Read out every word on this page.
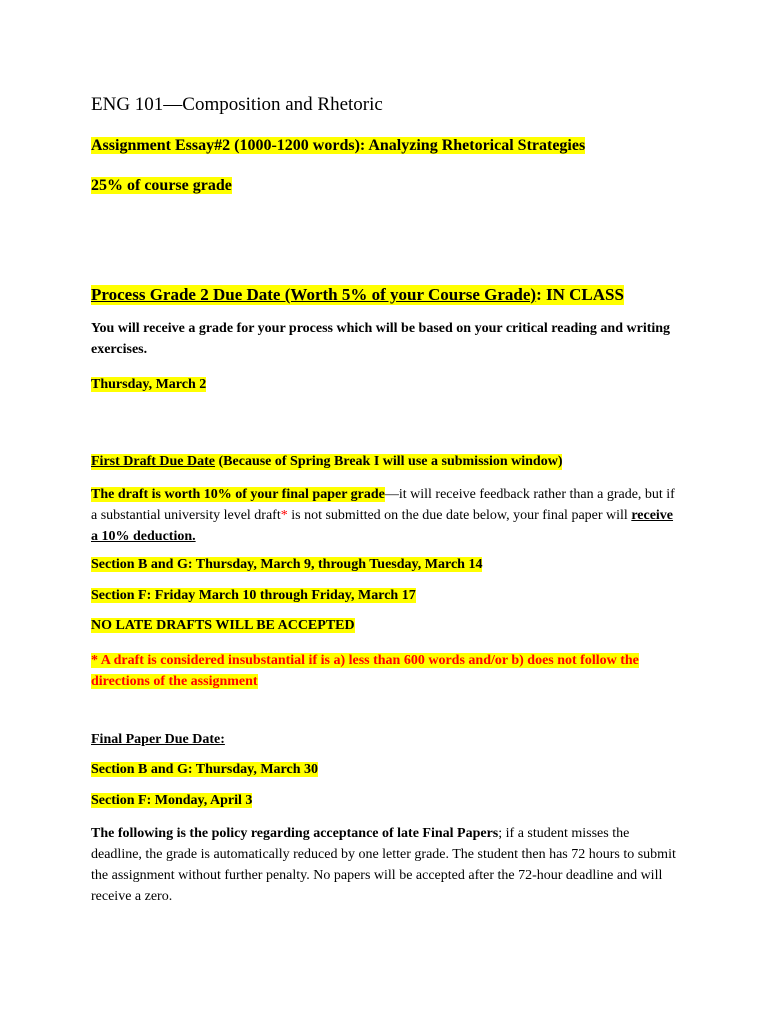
ENG 101—Composition and Rhetoric
Assignment Essay#2 (1000-1200 words): Analyzing Rhetorical Strategies
25% of course grade
Process Grade 2 Due Date (Worth 5% of your Course Grade): IN CLASS
You will receive a grade for your process which will be based on your critical reading and writing exercises.
Thursday, March 2
First Draft Due Date (Because of Spring Break I will use a submission window)
The draft is worth 10% of your final paper grade—it will receive feedback rather than a grade, but if a substantial university level draft* is not submitted on the due date below, your final paper will receive a 10% deduction.
Section B and G: Thursday, March 9, through Tuesday, March 14
Section F: Friday March 10 through Friday, March 17
NO LATE DRAFTS WILL BE ACCEPTED
* A draft is considered insubstantial if is a) less than 600 words and/or b) does not follow the directions of the assignment
Final Paper Due Date:
Section B and G: Thursday, March 30
Section F: Monday, April 3
The following is the policy regarding acceptance of late Final Papers; if a student misses the deadline, the grade is automatically reduced by one letter grade. The student then has 72 hours to submit the assignment without further penalty. No papers will be accepted after the 72-hour deadline and will receive a zero.
